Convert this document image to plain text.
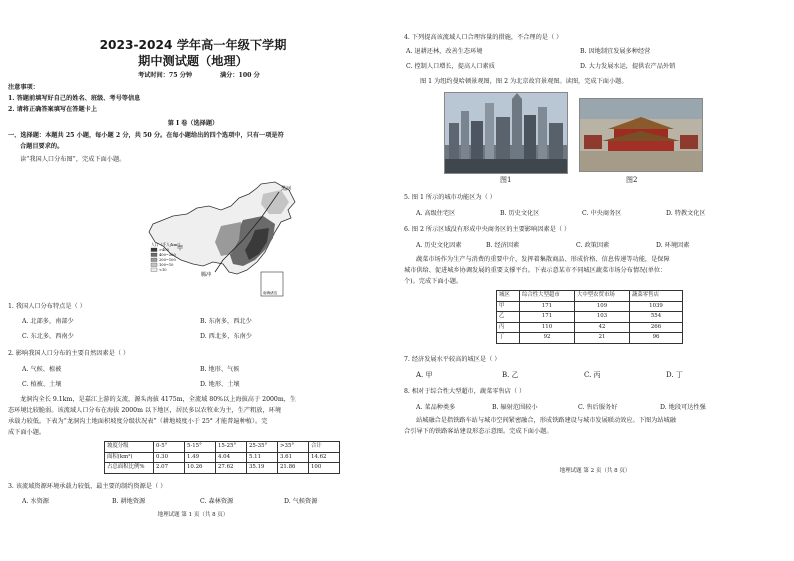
2023-2024 学年高一年级下学期
期中测试题（地理）
考试时间：75 分钟	满分：100 分
注意事项：
1. 答题前填写好自己的姓名、班级、考号等信息
2. 请将正确答案填写在答题卡上
第 I 卷（选择题）
一、选择题：本题共 25 小题，每小题 2 分，共 50 分。在每小题给出的四个选项中，只有一项是符
合题目要求的。
读“我国人口分布图”，完成下面小题。
黑河
腾冲
甲
南海诸岛
人口（千人/km²）
>400
400~200
200~100
100~10
<10
1. 我国人口分布特点是（ ）
A. 北部多，南部少	B. 东南多，西北少
C. 东北多，西南少	D. 西北多，东南少
2. 影响我国人口分布的主要自然因素是（ ）
A. 气候、植被	B. 地形、气候
C. 植被、土壤	D. 地形、土壤
龙洞沟全长 9.1km，是嘉江上游的支流，源头海拔 4175m，全流域 80%以上海拔高于 2000m，生
态环境比较脆弱。该流域人口分布在海拔 2000m 以下地区，居民多以农牧业为主，生产粗放，环境
承载力较低。下表为“龙洞沟土地面积坡度分级状况表”（耕地坡度小于 25° 才能普遍种植）。完
成下面小题。
坡度分级	0-5°	5-15°	15-25°	25-35°	>35°	合计
面积(km²)	0.30	1.49	4.04	5.11	3.61	14.62
占总面积比例%	2.07	10.26	27.62	35.19	21.86	100
3. 该流域资源环境承载力较低，最主要的制约资源是（ ）
A. 水资源	B. 耕地资源	C. 森林资源	D. 气候资源
地理试题 第 1 页（共 8 页）
4. 下列提高该流域人口合理容量的措施，不合理的是（ ）
A. 退耕还林，改善生态环境	B. 因地制宜发展多种经营
C. 控制人口增长，提高人口素质	D. 大力发展水运，提供农产品外销
图 1 为纽约曼哈顿景观图，图 2 为北京故宫景观图。读图，完成下面小题。
图1	图2
5. 图 1 所示的城市功能区为（ ）
A. 高级住宅区	B. 历史文化区	C. 中央商务区	D. 特教文化区
6. 图 2 所示区域没有形成中央商务区的主要影响因素是（ ）
A. 历史文化因素	B. 经济因素	C. 政策因素	D. 环境因素
蔬菜市场作为生产与消费的重要中介，发挥着集散商品、形成价格、信息传递等功能，是保障
城市供给、促进城乡协调发展的重要支撑平台。下表示意某市不同城区蔬菜市场分布情况(单位：
个)。完成下面小题。
城区	综合性大型超市	大中型农贸市场	蔬菜零售店
甲	171	109	1039
乙	171	103	554
丙	110	42	266
丁	92	21	96
7. 经济发展水平较高的城区是（ ）
A. 甲	B. 乙	C. 丙	D. 丁
8. 相对于综合性大型超市，蔬菜零售店（ ）
A. 菜品种类多	B. 辐射范围较小	C. 售后服务好	D. 地段可达性强
站城融合是指铁路车站与城市空间紧密融合，形成铁路建设与城市发展联动效应。下图为站城融
合引导下的铁路客站建设形态示意图。完成下面小题。
地理试题 第 2 页（共 8 页）
